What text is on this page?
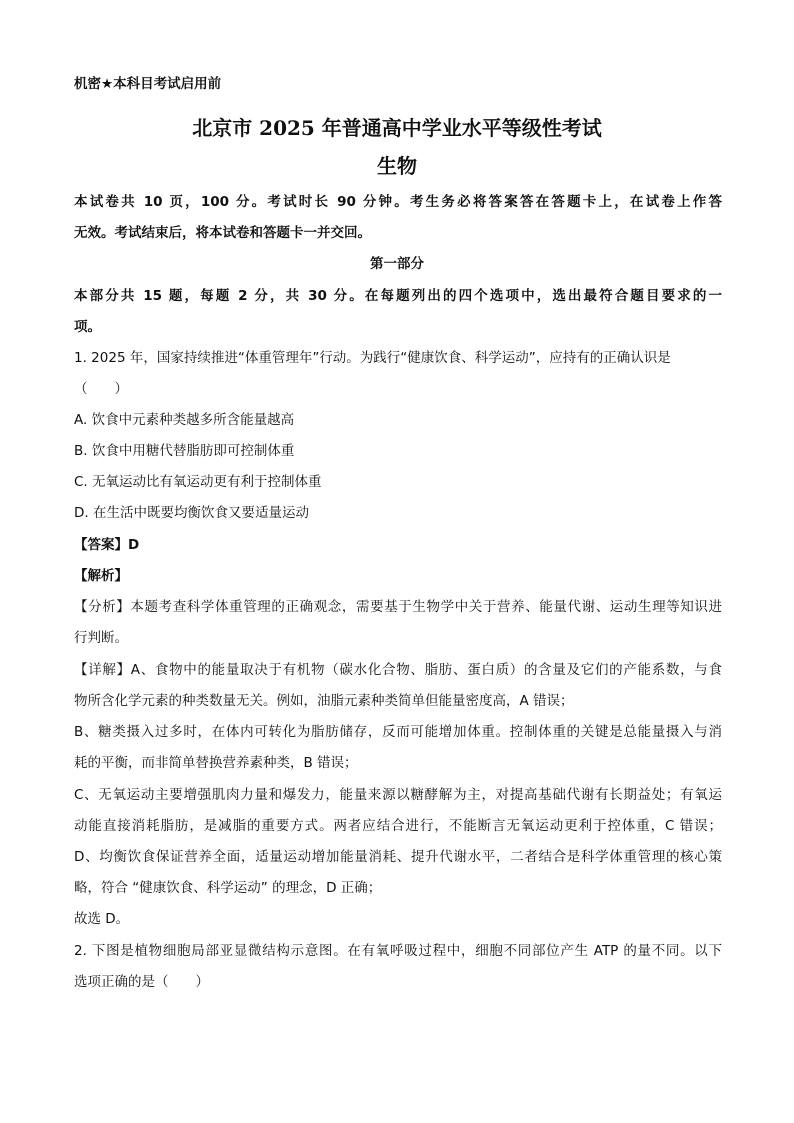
机密★本科目考试启用前
北京市 2025 年普通高中学业水平等级性考试
生物
本试卷共 10 页，100 分。考试时长 90 分钟。考生务必将答案答在答题卡上，在试卷上作答
无效。考试结束后，将本试卷和答题卡一并交回。
第一部分
本部分共 15 题，每题 2 分，共 30 分。在每题列出的四个选项中，选出最符合题目要求的一
项。
1. 2025 年，国家持续推进“体重管理年”行动。为践行“健康饮食、科学运动”，应持有的正确认识是
（　　）
A. 饮食中元素种类越多所含能量越高
B. 饮食中用糖代替脂肪即可控制体重
C. 无氧运动比有氧运动更有利于控制体重
D. 在生活中既要均衡饮食又要适量运动
【答案】D
【解析】
【分析】本题考查科学体重管理的正确观念，需要基于生物学中关于营养、能量代谢、运动生理等知识进
行判断。
【详解】A、食物中的能量取决于有机物（碳水化合物、脂肪、蛋白质）的含量及它们的产能系数，与食
物所含化学元素的种类数量无关。例如，油脂元素种类简单但能量密度高，A 错误；
B、糖类摄入过多时，在体内可转化为脂肪储存，反而可能增加体重。控制体重的关键是总能量摄入与消
耗的平衡，而非简单替换营养素种类，B 错误；
C、无氧运动主要增强肌肉力量和爆发力，能量来源以糖酵解为主，对提高基础代谢有长期益处；有氧运
动能直接消耗脂肪，是减脂的重要方式。两者应结合进行，不能断言无氧运动更利于控体重，C 错误；
D、均衡饮食保证营养全面，适量运动增加能量消耗、提升代谢水平，二者结合是科学体重管理的核心策
略，符合 “健康饮食、科学运动” 的理念，D 正确；
故选 D。
2. 下图是植物细胞局部亚显微结构示意图。在有氧呼吸过程中，细胞不同部位产生 ATP 的量不同。以下
选项正确的是（　　）
